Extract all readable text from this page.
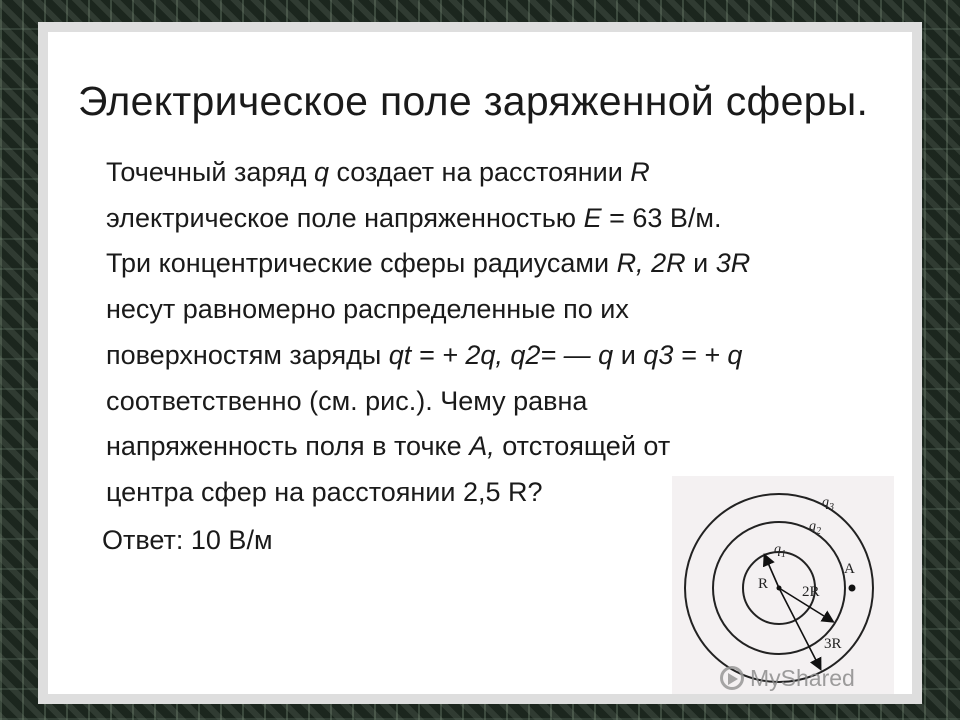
Электрическое поле заряженной сферы.

Точечный заряд q создает на расстоянии R

электрическое поле напряженностью E = 63 В/м.

Три концентрические сферы радиусами R, 2R и 3R

несут равномерно распределенные по их

поверхностям заряды qt = + 2q, q2= — q и q3 = + q

соответственно (см. рис.). Чему равна

напряженность поля в точке A, отстоящей от

центра сфер на расстоянии 2,5 R?

Ответ: 10 В/м

$q_3$
$q_2$
$q_1$
R 2R
A
3R
MyShared
